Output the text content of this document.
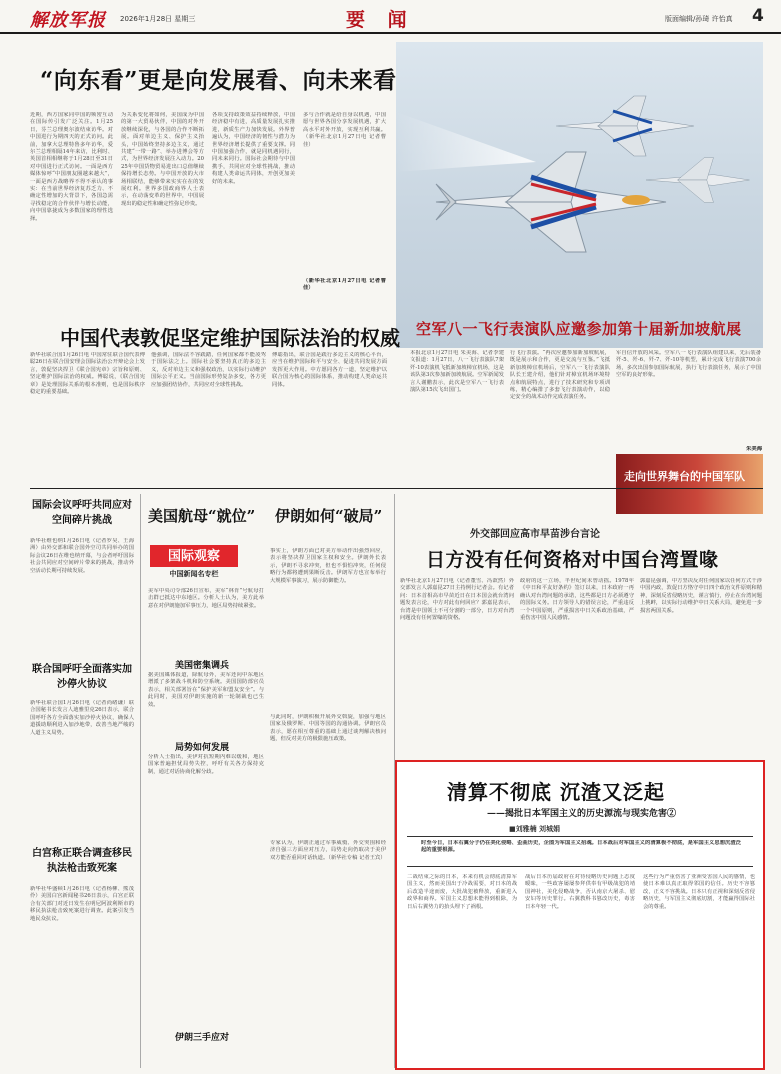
解放军报 2026年1月28日 星期三	要 闻	版面编辑/孙琦 许怡真 4
“向东看”更是向发展看、向未来看
近期，西方国家同中国的频密互动在国际传引发广泛关注。1月25日，芬兰总理奥尔波结束访华。对中国进行为期四天的正式访问。此前，加拿大总理特鲁多年访华，爱尔兰总理相隔14年来访，比利时、英国首相相继将于1月28日至31日对中国进行正式访问。一面是西方媒体惊呼“中国朋友圈越来越大”，一面是西方战略界不得不承认的事实：在当前世界经济复苏乏力、不确定性增加的大背景下，各国急需寻找稳定的合作伙伴与增长动能，向中国靠拢成为多数国家的理性选择。
为关系变化将如何，美国成为中国的第一大贸易伙伴，中国的对外开放继续深化，与各国的合作不断拓展。面对单边主义、保护主义抬头，中国始终坚持多边主义，通过共建“一带一路”、举办进博会等方式，为世界经济发展注入动力。2025年中国货物贸易进出口总值继续保持增长态势。与中国开放的大市场相联结，能够带来实实在在的发展红利。世界多国政商界人士表示，在动荡变革的世界中，中国展现出的稳定性和确定性弥足珍贵。
各项支持政策效益持续释放，中国经济稳中有进，高质量发展扎实推进，新质生产力加快发展。外界普遍认为，中国经济的韧性与潜力为世界经济增长提供了重要支撑。同中国加强合作，就是同机遇同行，同未来同行。国际社会期待与中国携手，共同应对全球性挑战，推动构建人类命运共同体，开创更加美好的未来。
多与合作就是给自身以机遇，中国愿与世界各国分享发展机遇，扩大高水平对外开放，实现互利共赢。（新华社北京1月27日电 记者曹佳）
（新华社北京1月27日电 记者曹佳）
空军八一飞行表演队应邀参加第十届新加坡航展
本报北京1月27日电 朱美海、记者李建文报道：1月27日，八一飞行表演队7架歼-10表演机飞抵新加坡樟宜机场，这是该队第3次参加新加坡航展。空军新闻发言人谢鹏表示，此次是空军八一飞行表演队第15次飞出国门。
行飞行表演。“再次应邀参加新加坡航展，既是展示和合作，更是交流与互鉴。”飞抵新加坡樟宜机场后，空军八一飞行表演队队长王建介绍，他们针对樟宜机场环境特点和航展特点，进行了技术研究和专项训练，精心编排了多套飞行表演动作，以稳定安全的战术动作完成表演任务。
军自信开放的风采。空军八一飞行表演队组建以来，先后装备歼-5、歼-6、歼-7、歼-10等机型，累计完成飞行表演700余场，多次出国参加国际航展，执行飞行表演任务，展示了中国空军的良好形象。
朱美海
走向世界舞台的中国军队
中国代表敦促坚定维护国际法治的权威
新华社联合国1月26日电 中国常驻联合国代表傅聪26日在联合国安理会国际法治公开辩论会上发言，敦促坚决捍卫《联合国宪章》宗旨和原则、坚定维护国际法治的权威。傅聪说，《联合国宪章》是处理国际关系的根本准则，也是国际秩序稳定的重要基础。
他强调，国际法不容践踏，任何国家都不能凌驾于国际法之上。国际社会要坚持真正的多边主义，反对单边主义和强权政治，以实际行动维护国际公平正义。当前国际形势复杂多变，各方更应加强团结协作，共同应对全球性挑战。
傅聪指出，联合国是践行多边主义的核心平台，应当在维护国际和平与安全、促进共同发展方面发挥更大作用。中方愿同各方一道，坚定维护以联合国为核心的国际体系，推动构建人类命运共同体。
国际会议呼吁共同应对空间碎片挑战
新华社维也纳1月26日电（记者罗昊、王海洲）由外交部和联合国外空司共同举办的国际会议26日在维也纳开幕，与会者呼吁国际社会共同应对空间碎片带来的挑战，推动外空活动长期可持续发展。
联合国呼吁全面落实加沙停火协议
新华社联合国1月26日电（记者尚绪谦）联合国秘书长发言人迪雅里克26日表示，联合国呼吁各方全面落实加沙停火协议，确保人道援助顺利进入加沙地带，改善当地严峻的人道主义局势。
白宫称正联合调查移民执法枪击致死案
新华社华盛顿1月26日电（记者杨柳、熊茂伶）美国白宫新闻秘书26日表示，白宫正联合有关部门对近日发生在明尼阿波利斯市的移民执法枪击致死案进行调查。此案引发当地民众抗议。
美国航母“就位” 伊朗如何“破局”
国际观察
中国新闻名专栏
美军中央司令部26日宣布，美军“林肯”号航母打击群已抵达中东地区。分析人士认为，美方此举意在对伊朗施加军事压力，地区局势持续紧张。
美国密集调兵
据美国媒体报道，除航母外，美军还向中东地区增派了多架战斗机和防空系统。美国国防部官员表示，相关部署旨在“保护美军和盟友安全”。与此同时，美国对伊朗实施的新一轮制裁也已生效。
局势如何发展
分析人士指出，美伊对抗短期内难以缓和，地区国家普遍担忧局势失控，呼吁有关各方保持克制，通过对话协商化解分歧。
伊朗三手应对
事实上，伊朗方面已对美方举动作出强烈回应，表示将坚决捍卫国家主权和安全。伊朗外长表示，伊朗不寻求冲突，但也不惧怕冲突，任何侵略行为都将遭到果断反击。伊朗军方也宣布举行大规模军事演习，展示防御能力。
与此同时，伊朗积极开展外交斡旋，加强与地区国家及俄罗斯、中国等国的沟通协调。伊朗官员表示，愿在相互尊重的基础上通过谈判解决核问题，但反对美方的极限施压政策。
专家认为，伊朗正通过军事威慑、外交突围和经济自强三方面应对压力，局势走向仍取决于美伊双方能否重回对话轨道。（新华社专稿 记者王宾）
外交部回应高市早苗涉台言论
日方没有任何资格对中国台湾置喙
新华社北京1月27日电（记者董雪、冯歆然）外交部发言人郭嘉昆27日主持例行记者会。有记者问：日本首相高市早苗近日在日本国会就台湾问题发表言论，中方对此有何回应？郭嘉昆表示，台湾是中国领土不可分割的一部分，日方对台湾问题没有任何置喙的资格。
政府的这一立场，半世纪间未曾动摇。1978年《中日和平友好条约》签订以来，日本政府一再确认对台湾问题的承诺，这些都是日方必须遵守的国际义务。日方领导人的错误言论，严重违反一个中国原则，严重损害中日关系政治基础，严重伤害中国人民感情。
郭嘉昆强调，中方坚决反对任何国家以任何方式干涉中国内政，敦促日方恪守中日四个政治文件原则和精神，深刻反省侵略历史，谨言慎行，停止在台湾问题上挑衅，以实际行动维护中日关系大局，避免进一步损害两国关系。
清算不彻底 沉渣又泛起
——揭批日本军国主义的历史源流与现实危害②
■刘雅楠 刘城娟
时至今日，日本右翼分子仍在美化侵略、歪曲历史，企图为军国主义招魂。日本战后对军国主义的清算极不彻底，是军国主义思想沉渣泛起的重要根源。
二战结束之际的日本，本来有机会彻底清算军国主义，然而美国出于冷战需要，对日本的战后改造半途而废，大批战犯被释放，重新进入政界和商界。军国主义思想未能得到根除，为日后右翼势力的抬头埋下了祸根。
战后日本历届政府在对待侵略历史问题上态度暧昧，一些政客屡屡参拜供奉有甲级战犯的靖国神社，美化侵略战争，否认南京大屠杀、慰安妇等历史罪行。右翼教科书篡改历史，毒害日本年轻一代。
这些行为严重伤害了亚洲受害国人民的感情，也使日本难以真正取得邻国的信任。历史不容篡改，正义不容挑战。日本只有正视和深刻反省侵略历史，与军国主义彻底切割，才能赢得国际社会的尊重。
